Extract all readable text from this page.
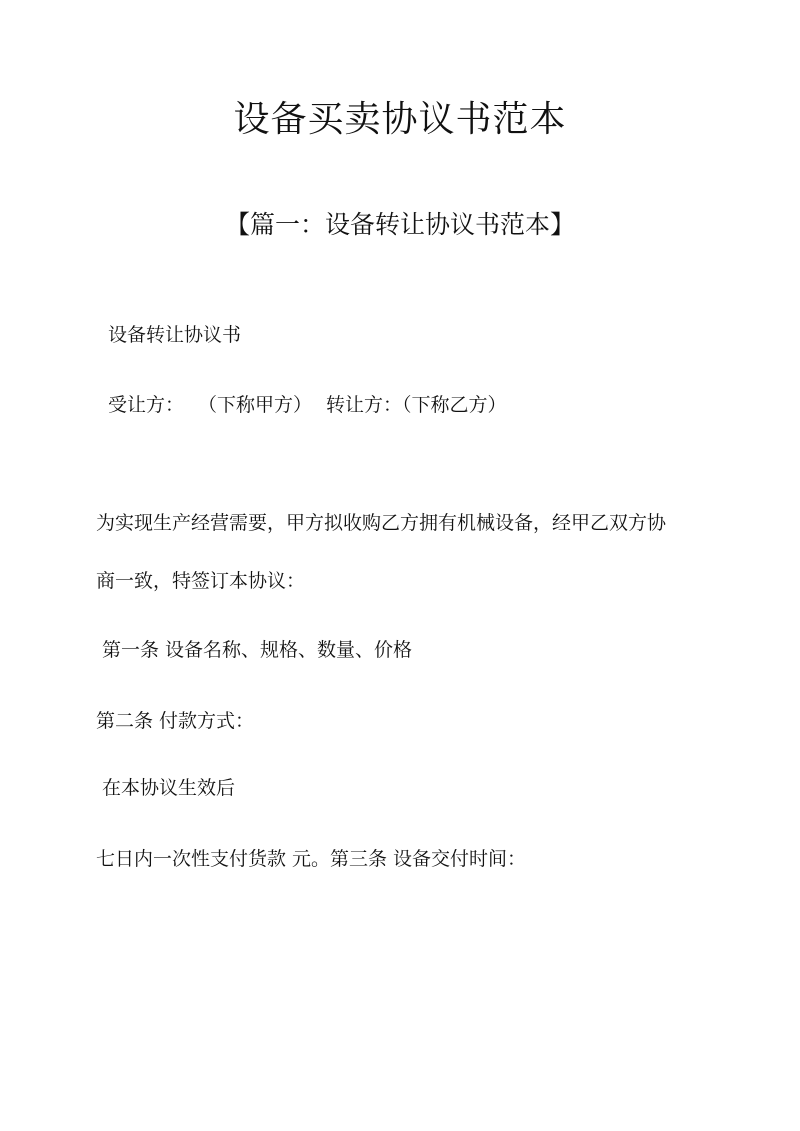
设备买卖协议书范本
【篇一：设备转让协议书范本】
设备转让协议书
受让方： （下称甲方） 转让方：（下称乙方）
为实现生产经营需要，甲方拟收购乙方拥有机械设备，经甲乙双方协
商一致，特签订本协议：
第一条 设备名称、规格、数量、价格
第二条 付款方式：
在本协议生效后
七日内一次性支付货款 元。第三条 设备交付时间：
